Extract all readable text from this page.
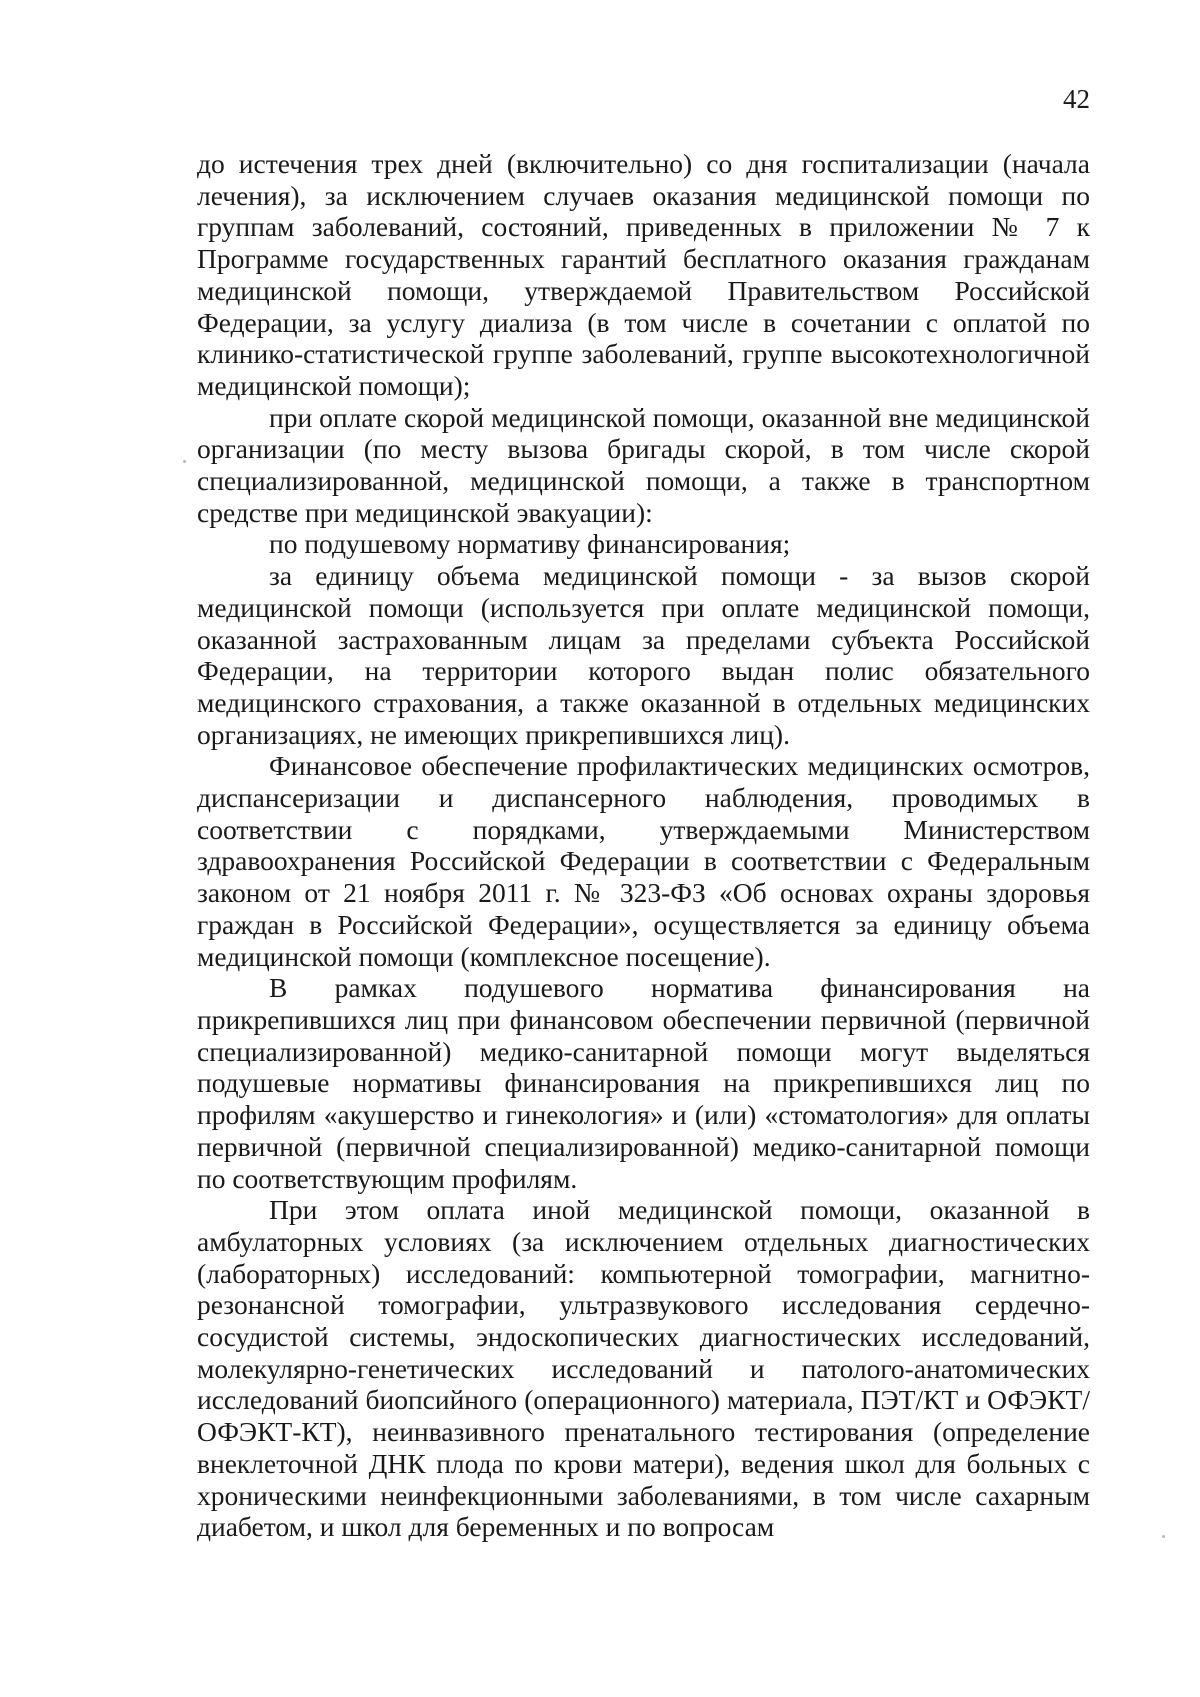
42

до истечения трех дней (включительно) со дня госпитализации (начала лечения), за исключением случаев оказания медицинской помощи по группам заболеваний, состояний, приведенных в приложении № 7 к Программе государственных гарантий бесплатного оказания гражданам медицинской помощи, утверждаемой Правительством Российской Федерации, за услугу диализа (в том числе в сочетании с оплатой по клинико-статистической группе заболеваний, группе высокотехнологичной медицинской помощи);

при оплате скорой медицинской помощи, оказанной вне медицинской организации (по месту вызова бригады скорой, в том числе скорой специализированной, медицинской помощи, а также в транспортном средстве при медицинской эвакуации):

по подушевому нормативу финансирования;

за единицу объема медицинской помощи - за вызов скорой медицинской помощи (используется при оплате медицинской помощи, оказанной застрахованным лицам за пределами субъекта Российской Федерации, на территории которого выдан полис обязательного медицинского страхования, а также оказанной в отдельных медицинских организациях, не имеющих прикрепившихся лиц).

Финансовое обеспечение профилактических медицинских осмотров, диспансеризации и диспансерного наблюдения, проводимых в соответствии с порядками, утверждаемыми Министерством здравоохранения Российской Федерации в соответствии с Федеральным законом от 21 ноября 2011 г. № 323-ФЗ «Об основах охраны здоровья граждан в Российской Федерации», осуществляется за единицу объема медицинской помощи (комплексное посещение).

В рамках подушевого норматива финансирования на прикрепившихся лиц при финансовом обеспечении первичной (первичной специализированной) медико-санитарной помощи могут выделяться подушевые нормативы финансирования на прикрепившихся лиц по профилям «акушерство и гинекология» и (или) «стоматология» для оплаты первичной (первичной специализированной) медико-санитарной помощи по соответствующим профилям.

При этом оплата иной медицинской помощи, оказанной в амбулаторных условиях (за исключением отдельных диагностических (лабораторных) исследований: компьютерной томографии, магнитно-резонансной томографии, ультразвукового исследования сердечно-сосудистой системы, эндоскопических диагностических исследований, молекулярно-генетических исследований и патолого-анатомических исследований биопсийного (операционного) материала, ПЭТ/КТ и ОФЭКТ/ОФЭКТ-КТ), неинвазивного пренатального тестирования (определение внеклеточной ДНК плода по крови матери), ведения школ для больных с хроническими неинфекционными заболеваниями, в том числе сахарным диабетом, и школ для беременных и по вопросам
